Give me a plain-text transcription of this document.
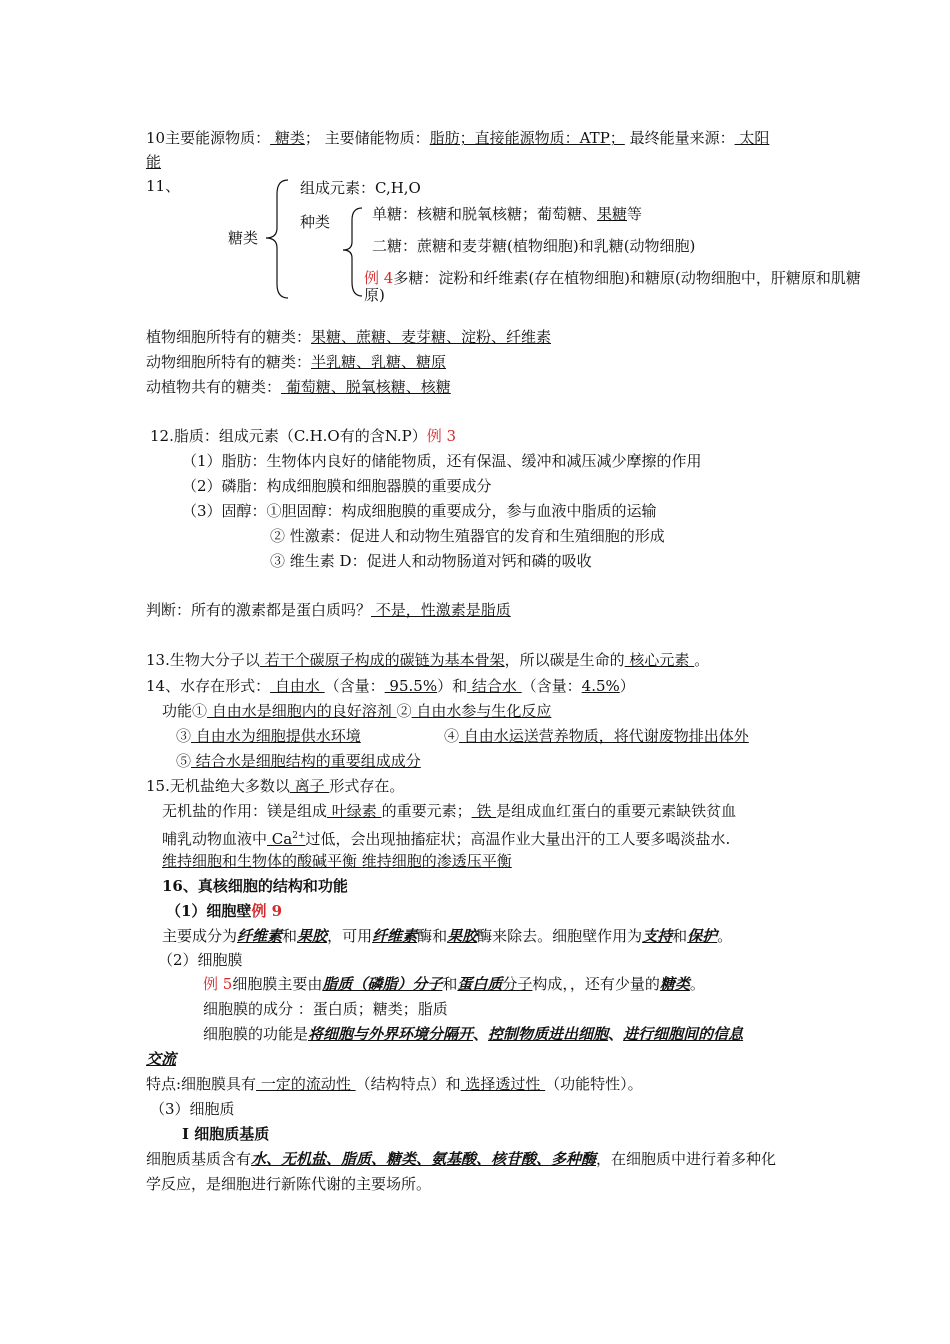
10主要能源物质： 糖类； 主要储能物质：脂肪；直接能源物质：ATP； 最终能量来源： 太阳
能
11、
糖类
组成元素：C,H,O
种类	单糖：核糖和脱氧核糖；葡萄糖、果糖等
二糖：蔗糖和麦芽糖(植物细胞)和乳糖(动物细胞)
例 4多糖：淀粉和纤维素(存在植物细胞)和糖原(动物细胞中，肝糖原和肌糖
原)
植物细胞所特有的糖类：果糖、蔗糖、麦芽糖、淀粉、纤维素
动物细胞所特有的糖类：半乳糖、乳糖、糖原
动植物共有的糖类： 葡萄糖、脱氧核糖、核糖
12.脂质：组成元素（C.H.O有的含N.P）例 3
（1）脂肪：生物体内良好的储能物质，还有保温、缓冲和减压减少摩擦的作用
（2）磷脂：构成细胞膜和细胞器膜的重要成分
（3）固醇：①胆固醇：构成细胞膜的重要成分，参与血液中脂质的运输
② 性激素：促进人和动物生殖器官的发育和生殖细胞的形成
③ 维生素 D：促进人和动物肠道对钙和磷的吸收
判断：所有的激素都是蛋白质吗？ 不是，性激素是脂质
13.生物大分子以 若干个碳原子构成的碳链为基本骨架，所以碳是生命的 核心元素 。
14、水存在形式： 自由水 （含量： 95.5%）和 结合水 （含量：4.5%）
功能① 自由水是细胞内的良好溶剂 ② 自由水参与生化反应
③ 自由水为细胞提供水环境	④ 自由水运送营养物质，将代谢废物排出体外
⑤ 结合水是细胞结构的重要组成成分
15.无机盐绝大多数以 离子 形式存在。
无机盐的作用：镁是组成 叶绿素 的重要元素； 铁 是组成血红蛋白的重要元素缺铁贫血
哺乳动物血液中 $Ca^{2+}$过低，会出现抽搐症状；高温作业大量出汗的工人要多喝淡盐水.
维持细胞和生物体的酸碱平衡 维持细胞的渗透压平衡
16、真核细胞的结构和功能
（1）细胞壁例 9
主要成分为纤维素和果胶，可用纤维素酶和果胶酶来除去。细胞壁作用为支持和保护。
（2）细胞膜
例 5细胞膜主要由脂质（磷脂）分子和蛋白质分子构成，，还有少量的糖类。
细胞膜的成分 ：蛋白质；糖类；脂质
细胞膜的功能是将细胞与外界环境分隔开、控制物质进出细胞、进行细胞间的信息
交流
特点:细胞膜具有 一定的流动性 （结构特点）和 选择透过性 （功能特性）。
（3）细胞质
Ⅰ 细胞质基质
细胞质基质含有水、无机盐、脂质、糖类、氨基酸、核苷酸、多种酶，在细胞质中进行着多种化
学反应，是细胞进行新陈代谢的主要场所。
